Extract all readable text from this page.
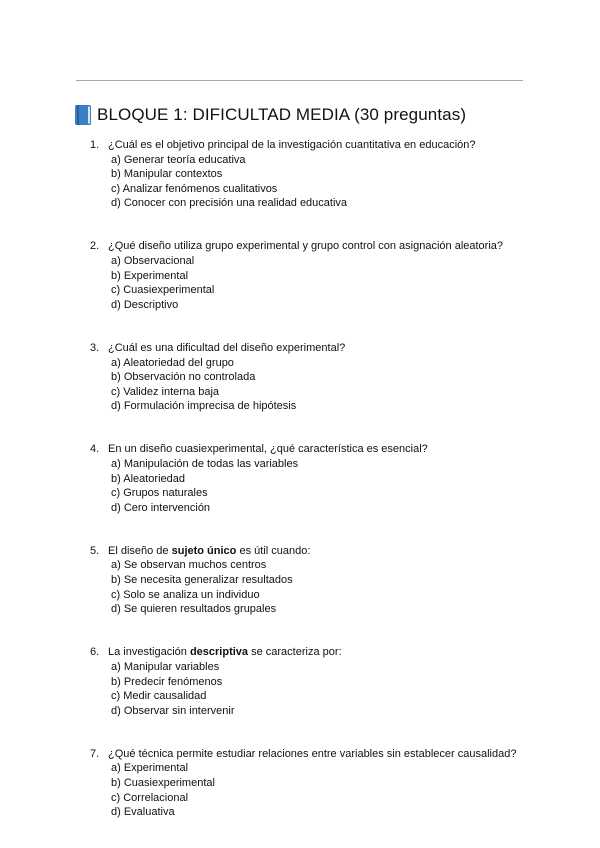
BLOQUE 1: DIFICULTAD MEDIA (30 preguntas)
1. ¿Cuál es el objetivo principal de la investigación cuantitativa en educación?
a) Generar teoría educativa
b) Manipular contextos
c) Analizar fenómenos cualitativos
d) Conocer con precisión una realidad educativa
2. ¿Qué diseño utiliza grupo experimental y grupo control con asignación aleatoria?
a) Observacional
b) Experimental
c) Cuasiexperimental
d) Descriptivo
3. ¿Cuál es una dificultad del diseño experimental?
a) Aleatoriedad del grupo
b) Observación no controlada
c) Validez interna baja
d) Formulación imprecisa de hipótesis
4. En un diseño cuasiexperimental, ¿qué característica es esencial?
a) Manipulación de todas las variables
b) Aleatoriedad
c) Grupos naturales
d) Cero intervención
5. El diseño de sujeto único es útil cuando:
a) Se observan muchos centros
b) Se necesita generalizar resultados
c) Solo se analiza un individuo
d) Se quieren resultados grupales
6. La investigación descriptiva se caracteriza por:
a) Manipular variables
b) Predecir fenómenos
c) Medir causalidad
d) Observar sin intervenir
7. ¿Qué técnica permite estudiar relaciones entre variables sin establecer causalidad?
a) Experimental
b) Cuasiexperimental
c) Correlacional
d) Evaluativa
